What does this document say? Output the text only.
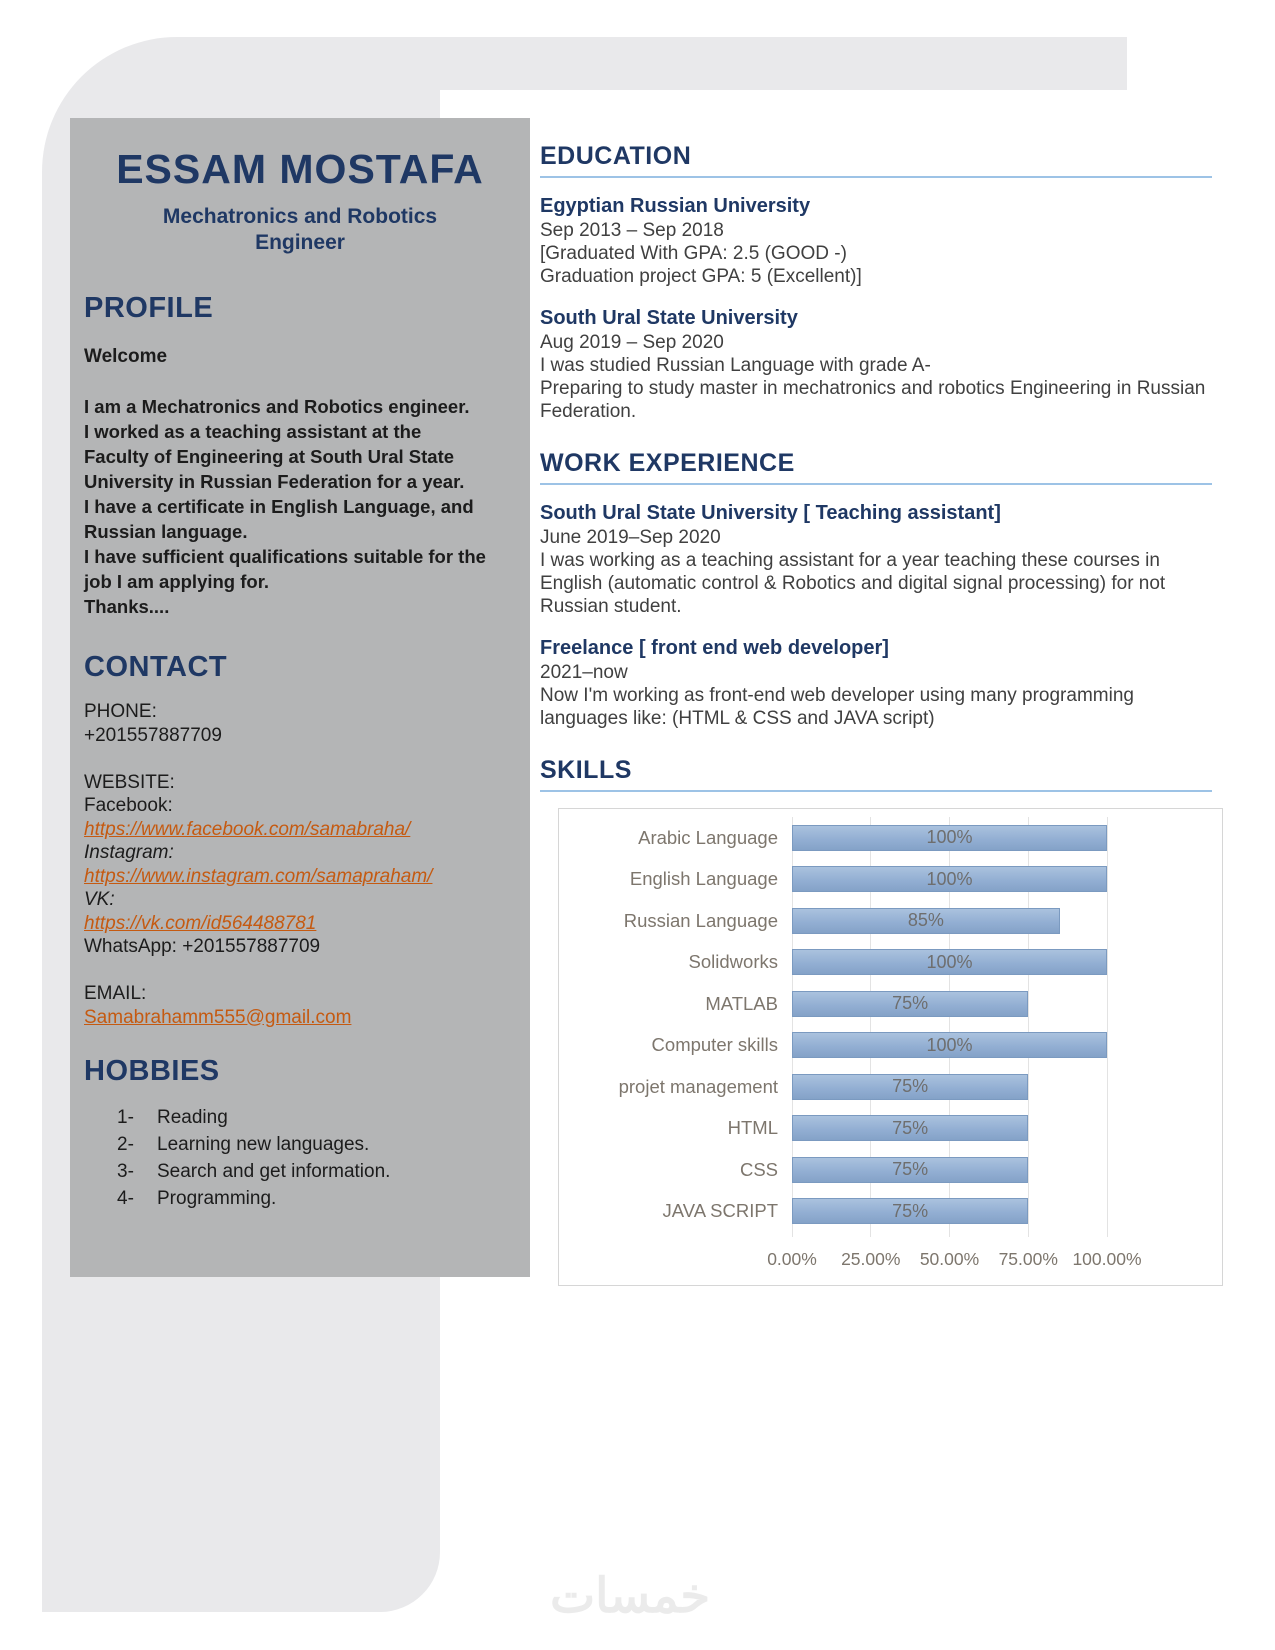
ESSAM MOSTAFA
Mechatronics and Robotics
Engineer
PROFILE
Welcome
I am a Mechatronics and Robotics engineer.
I worked as a teaching assistant at the
Faculty of Engineering at South Ural State
University in Russian Federation for a year.
I have a certificate in English Language, and
Russian language.
I have sufficient qualifications suitable for the
job I am applying for.
Thanks....
CONTACT
PHONE:
+201557887709
WEBSITE:
Facebook:
https://www.facebook.com/samabraha/
Instagram:
https://www.instagram.com/samapraham/
VK:
https://vk.com/id564488781
WhatsApp: +201557887709
EMAIL:
Samabrahamm555@gmail.com
HOBBIES
1-	Reading
2-	Learning new languages.
3-	Search and get information.
4-	Programming.
EDUCATION
Egyptian Russian University
Sep 2013 – Sep 2018
[Graduated With GPA: 2.5 (GOOD -)
Graduation project GPA: 5 (Excellent)]
South Ural State University
Aug 2019 – Sep 2020
I was studied Russian Language with grade A-
Preparing to study master in mechatronics and robotics Engineering in Russian Federation.
WORK EXPERIENCE
South Ural State University [ Teaching assistant]
June 2019–Sep 2020
I was working as a teaching assistant for a year teaching these courses in English (automatic control & Robotics and digital signal processing) for not Russian student.
Freelance [ front end web developer]
2021–now
Now I'm working as front-end web developer using many programming languages like: (HTML & CSS and JAVA script)
SKILLS
Arabic Language	100%
English Language	100%
Russian Language	85%
Solidworks	100%
MATLAB	75%
Computer skills	100%
projet management	75%
HTML	75%
CSS	75%
JAVA SCRIPT	75%
0.00% 25.00% 50.00% 75.00% 100.00%
خمسات
